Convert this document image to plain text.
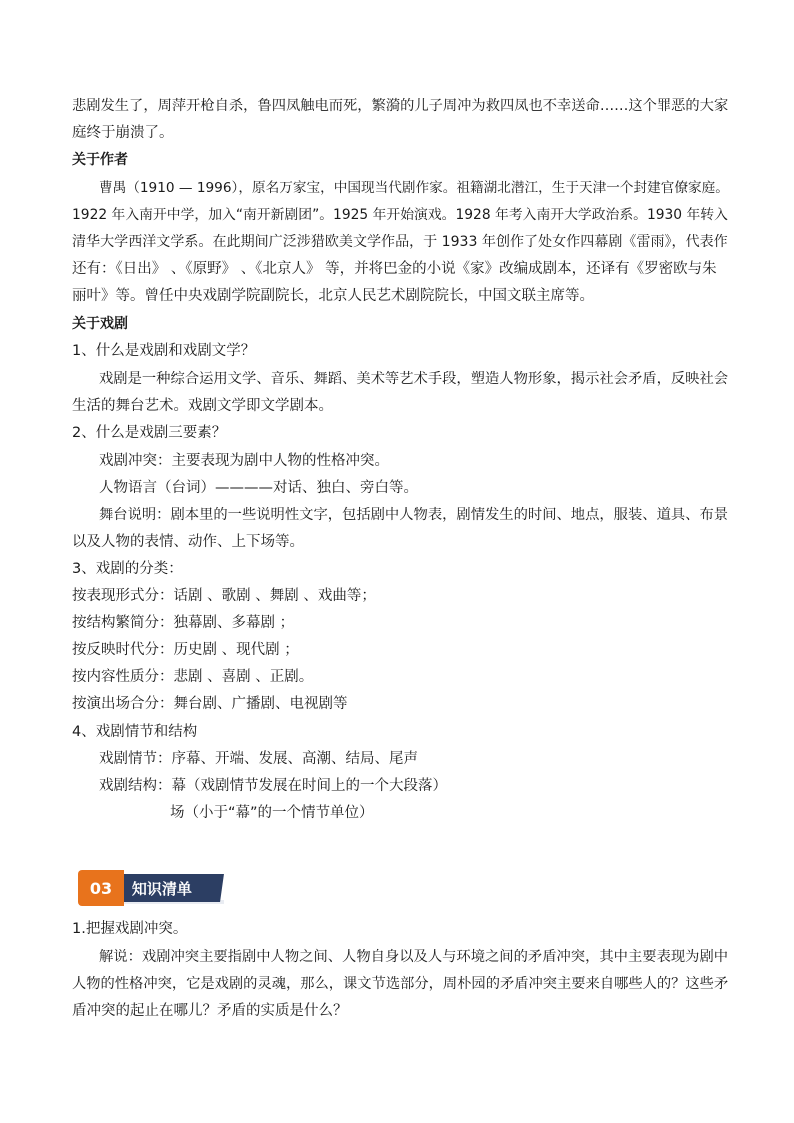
悲剧发生了，周萍开枪自杀，鲁四凤触电而死，繁漪的儿子周冲为救四凤也不幸送命……这个罪恶的大家
庭终于崩溃了。
关于作者
曹禺（1910 — 1996），原名万家宝，中国现当代剧作家。祖籍湖北潜江，生于天津一个封建官僚家庭。
1922 年入南开中学，加入“南开新剧团”。1925 年开始演戏。1928 年考入南开大学政治系。1930 年转入
清华大学西洋文学系。在此期间广泛涉猎欧美文学作品，于 1933 年创作了处女作四幕剧《雷雨》，代表作
还有：《日出》 、《原野》 、《北京人》 等，并将巴金的小说《家》改编成剧本，还译有《罗密欧与朱
丽叶》等。曾任中央戏剧学院副院长，北京人民艺术剧院院长，中国文联主席等。
关于戏剧
1、什么是戏剧和戏剧文学？
戏剧是一种综合运用文学、音乐、舞蹈、美术等艺术手段，塑造人物形象，揭示社会矛盾，反映社会
生活的舞台艺术。戏剧文学即文学剧本。
2、什么是戏剧三要素？
戏剧冲突：主要表现为剧中人物的性格冲突。
人物语言（台词）————对话、独白、旁白等。
舞台说明：剧本里的一些说明性文字，包括剧中人物表，剧情发生的时间、地点，服装、道具、布景
以及人物的表情、动作、上下场等。
3、戏剧的分类：
按表现形式分：话剧 、歌剧 、舞剧 、戏曲等；
按结构繁简分：独幕剧、多幕剧 ；
按反映时代分：历史剧 、现代剧 ；
按内容性质分：悲剧 、喜剧 、正剧。
按演出场合分：舞台剧、广播剧、电视剧等
4、戏剧情节和结构
戏剧情节：序幕、开端、发展、高潮、结局、尾声
戏剧结构：幕（戏剧情节发展在时间上的一个大段落）
场（小于“幕”的一个情节单位）
知识清单
03
1.把握戏剧冲突。
解说：戏剧冲突主要指剧中人物之间、人物自身以及人与环境之间的矛盾冲突，其中主要表现为剧中
人物的性格冲突，它是戏剧的灵魂，那么，课文节选部分，周朴园的矛盾冲突主要来自哪些人的？这些矛
盾冲突的起止在哪儿？矛盾的实质是什么？
